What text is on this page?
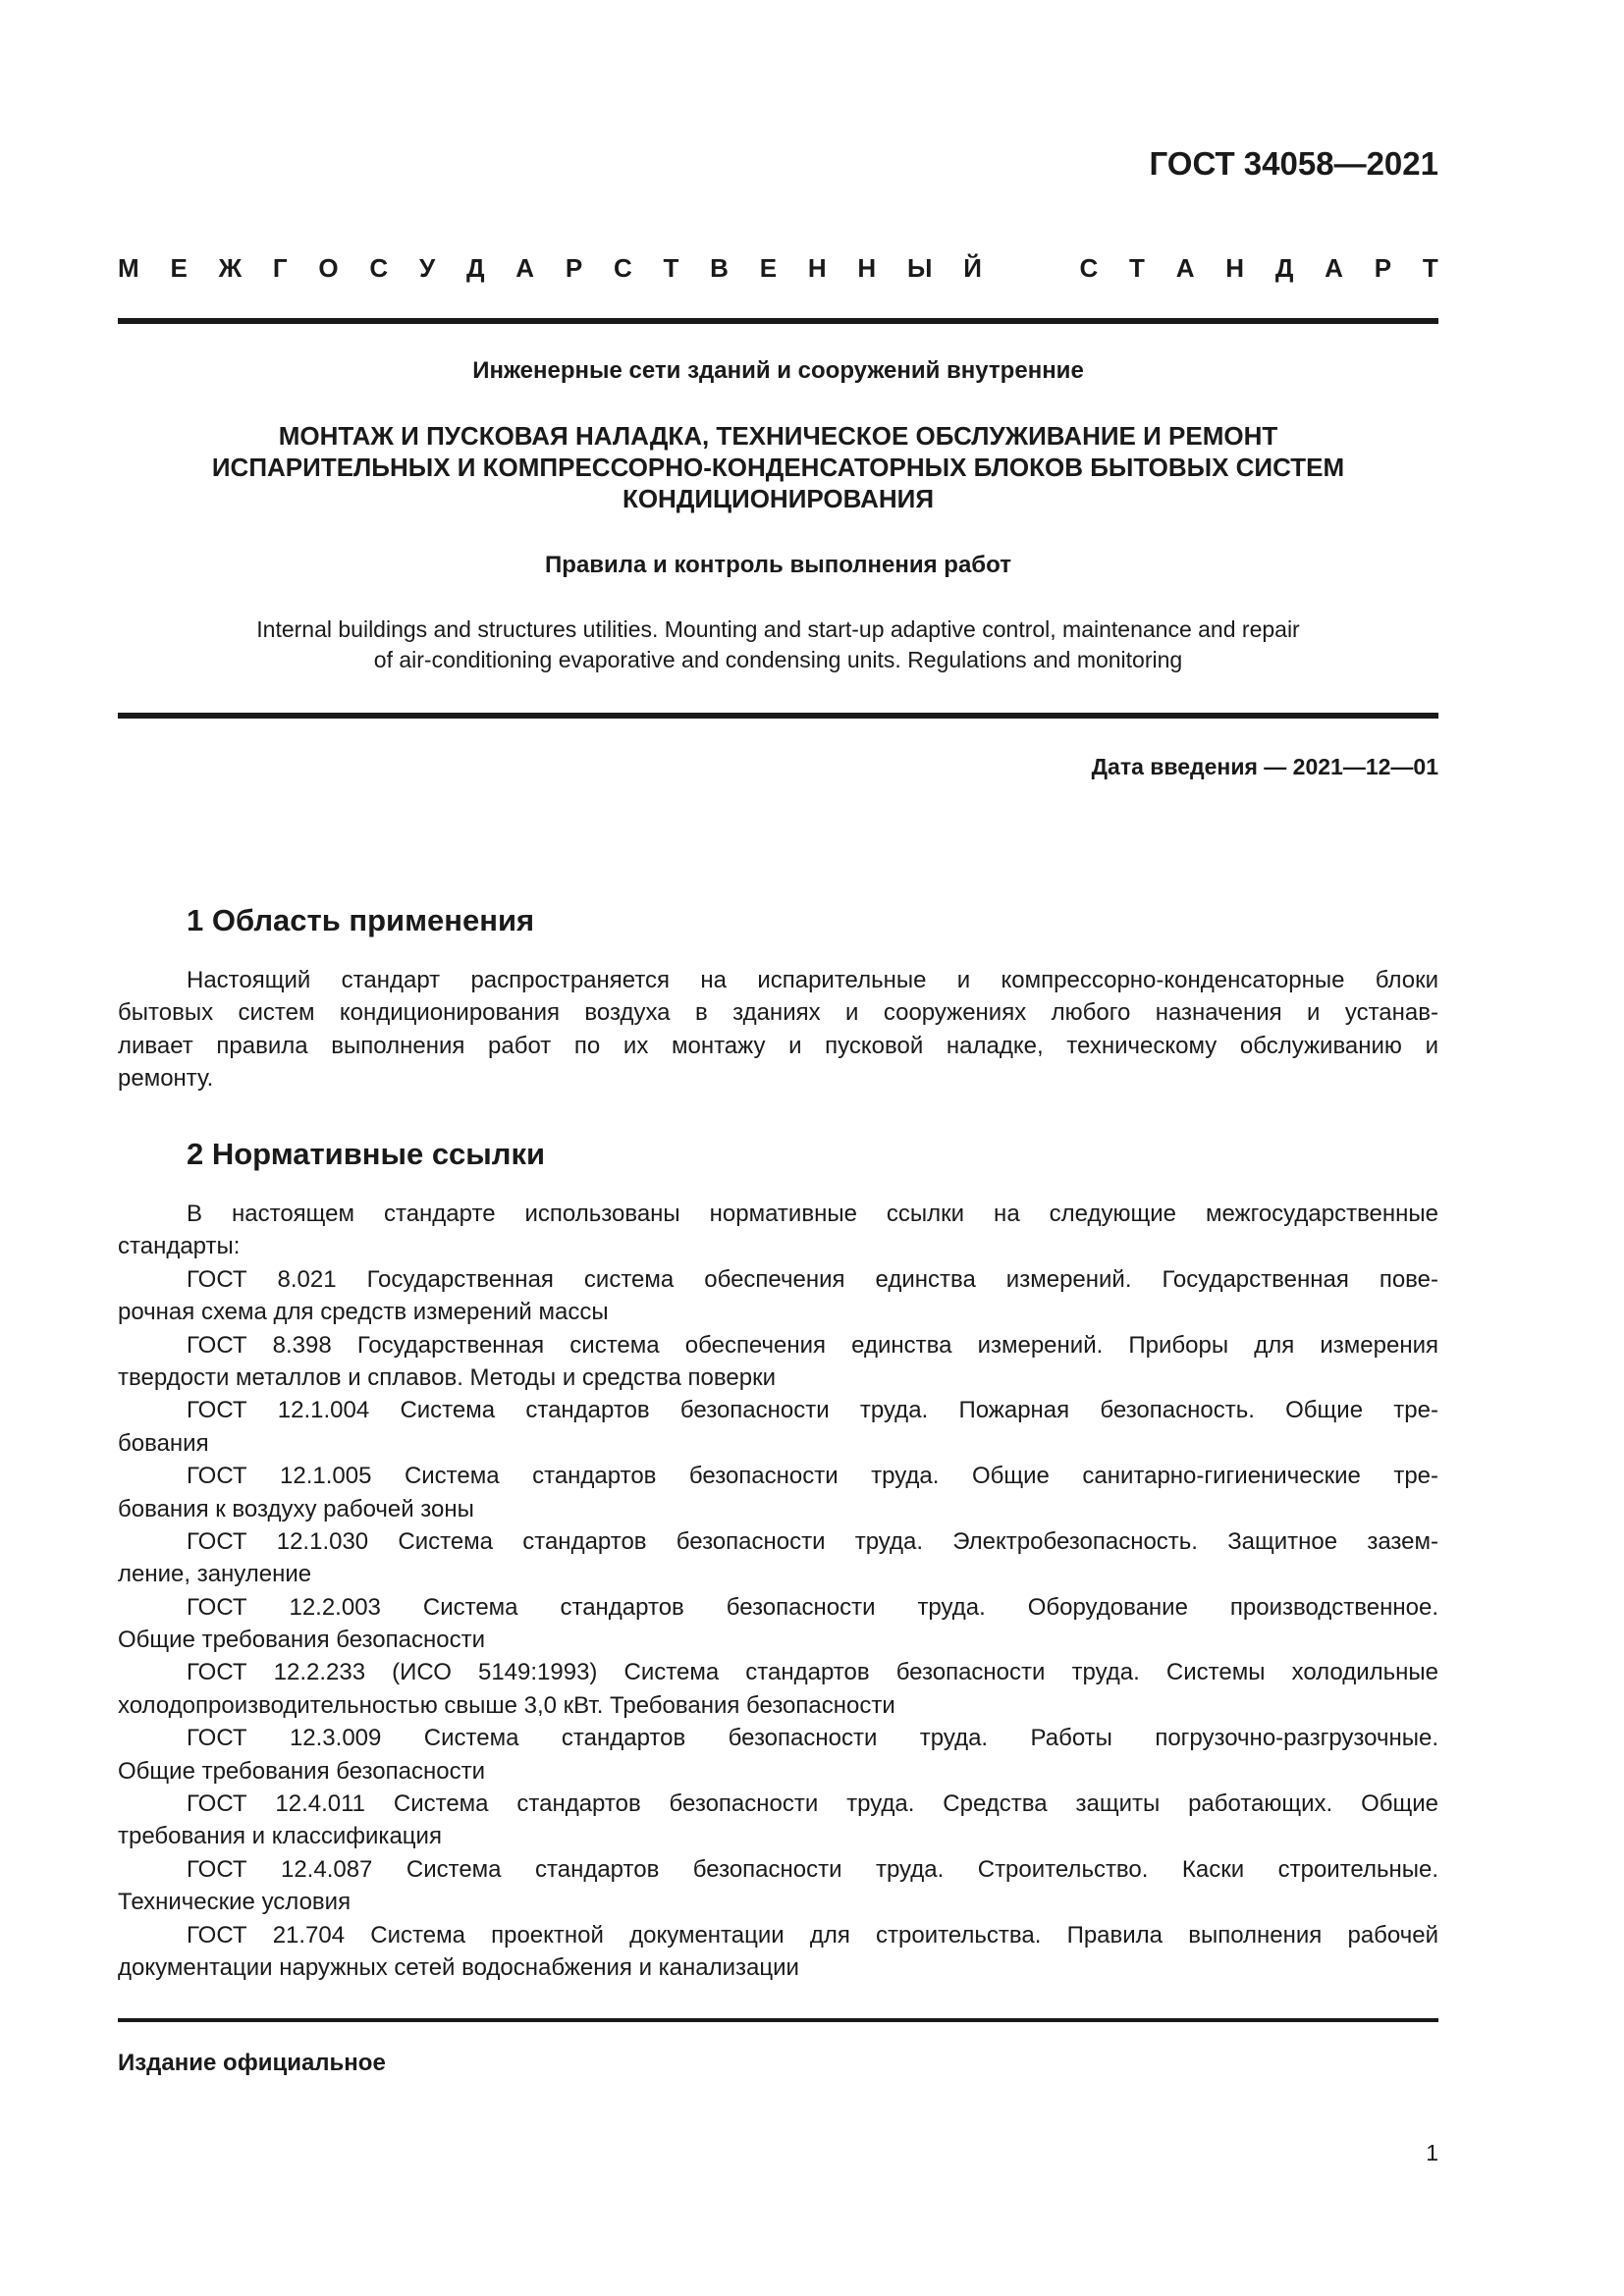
ГОСТ 34058—2021
М Е Ж Г О С У Д А Р С Т В Е Н Н Ы Й	С Т А Н Д А Р Т
Инженерные сети зданий и сооружений внутренние
МОНТАЖ И ПУСКОВАЯ НАЛАДКА, ТЕХНИЧЕСКОЕ ОБСЛУЖИВАНИЕ И РЕМОНТ
ИСПАРИТЕЛЬНЫХ И КОМПРЕССОРНО-КОНДЕНСАТОРНЫХ БЛОКОВ БЫТОВЫХ СИСТЕМ
КОНДИЦИОНИРОВАНИЯ
Правила и контроль выполнения работ
Internal buildings and structures utilities. Mounting and start-up adaptive control, maintenance and repair
of air-conditioning evaporative and condensing units. Regulations and monitoring
Дата введения — 2021—12—01
1 Область применения
Настоящий стандарт распространяется на испарительные и компрессорно-конденсаторные блоки
бытовых систем кондиционирования воздуха в зданиях и сооружениях любого назначения и устанав-
ливает правила выполнения работ по их монтажу и пусковой наладке, техническому обслуживанию и
ремонту.
2 Нормативные ссылки
В настоящем стандарте использованы нормативные ссылки на следующие межгосударственные
стандарты:
ГОСТ 8.021 Государственная система обеспечения единства измерений. Государственная пове-
рочная схема для средств измерений массы
ГОСТ 8.398 Государственная система обеспечения единства измерений. Приборы для измерения
твердости металлов и сплавов. Методы и средства поверки
ГОСТ 12.1.004 Система стандартов безопасности труда. Пожарная безопасность. Общие тре-
бования
ГОСТ 12.1.005 Система стандартов безопасности труда. Общие санитарно-гигиенические тре-
бования к воздуху рабочей зоны
ГОСТ 12.1.030 Система стандартов безопасности труда. Электробезопасность. Защитное зазем-
ление, зануление
ГОСТ 12.2.003 Система стандартов безопасности труда. Оборудование производственное.
Общие требования безопасности
ГОСТ 12.2.233 (ИСО 5149:1993) Система стандартов безопасности труда. Системы холодильные
холодопроизводительностью свыше 3,0 кВт. Требования безопасности
ГОСТ 12.3.009 Система стандартов безопасности труда. Работы погрузочно-разгрузочные.
Общие требования безопасности
ГОСТ 12.4.011 Система стандартов безопасности труда. Средства защиты работающих. Общие
требования и классификация
ГОСТ 12.4.087 Система стандартов безопасности труда. Строительство. Каски строительные.
Технические условия
ГОСТ 21.704 Система проектной документации для строительства. Правила выполнения рабочей
документации наружных сетей водоснабжения и канализации
Издание официальное
1
